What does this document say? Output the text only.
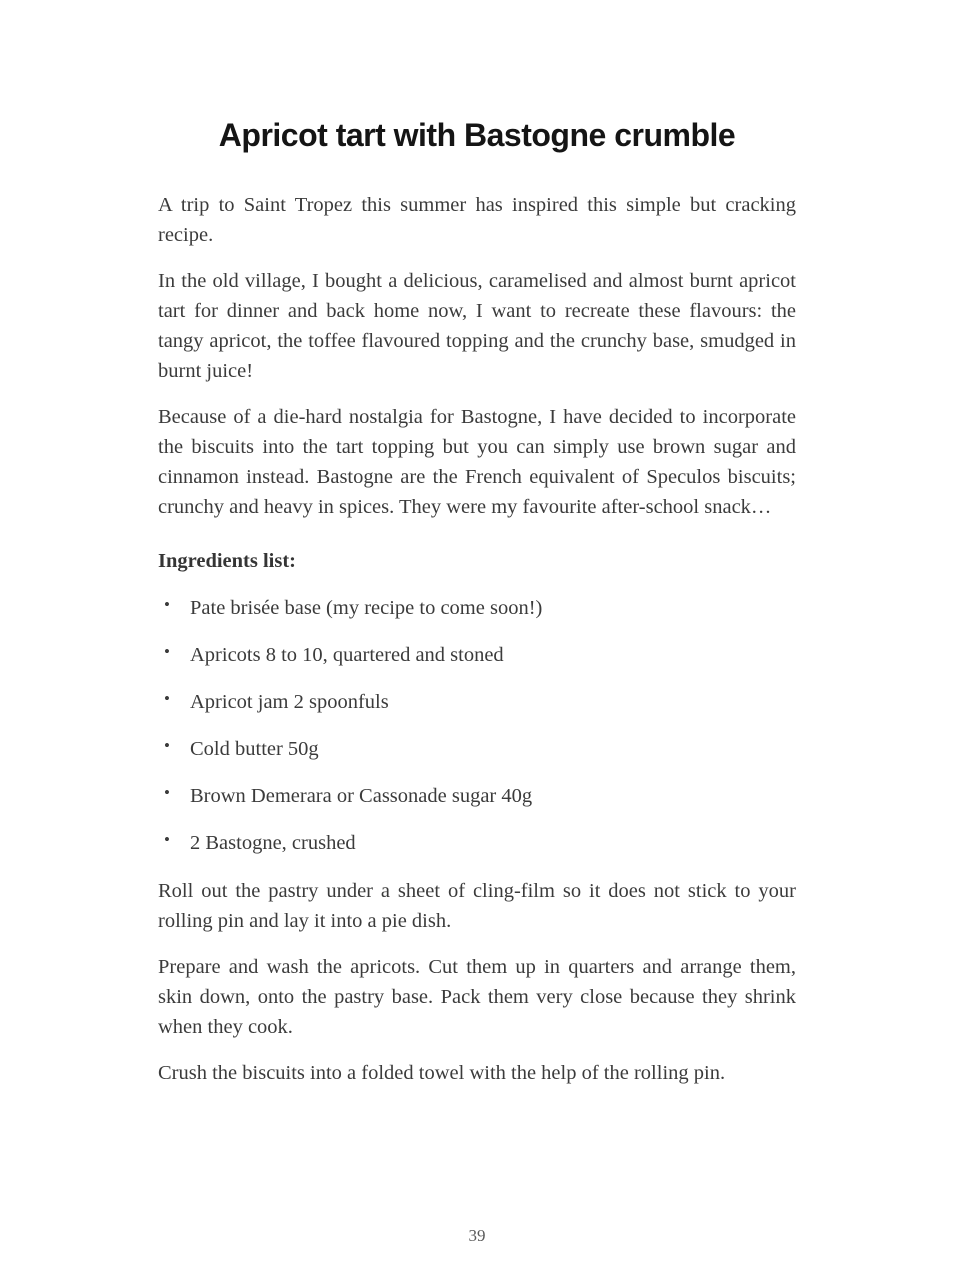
Apricot tart with Bastogne crumble

A trip to Saint Tropez this summer has inspired this simple but cracking recipe.

In the old village, I bought a delicious, caramelised and almost burnt apricot tart for dinner and back home now, I want to recreate these flavours: the tangy apricot, the toffee flavoured topping and the crunchy base, smudged in burnt juice!

Because of a die-hard nostalgia for Bastogne, I have decided to incorporate the biscuits into the tart topping but you can simply use brown sugar and cinnamon instead. Bastogne are the French equivalent of Speculos biscuits; crunchy and heavy in spices. They were my favourite after-school snack…

Ingredients list:

• Pate brisée base (my recipe to come soon!)
• Apricots 8 to 10, quartered and stoned
• Apricot jam 2 spoonfuls
• Cold butter 50g
• Brown Demerara or Cassonade sugar 40g
• 2 Bastogne, crushed

Roll out the pastry under a sheet of cling-film so it does not stick to your rolling pin and lay it into a pie dish.

Prepare and wash the apricots. Cut them up in quarters and arrange them, skin down, onto the pastry base. Pack them very close because they shrink when they cook.

Crush the biscuits into a folded towel with the help of the rolling pin.

39
